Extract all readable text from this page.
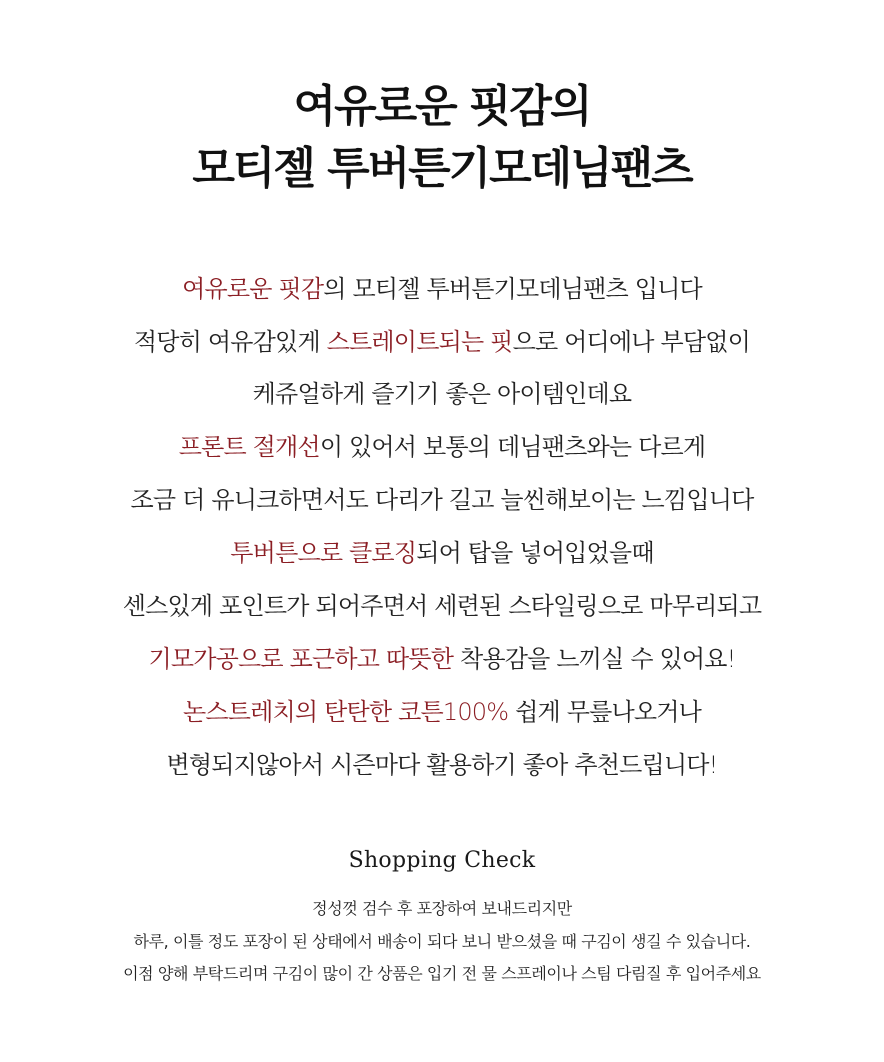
여유로운 핏감의
모티젤 투버튼기모데님팬츠
여유로운 핏감의 모티젤 투버튼기모데님팬츠 입니다
적당히 여유감있게 스트레이트되는 핏으로 어디에나 부담없이
케쥬얼하게 즐기기 좋은 아이템인데요
프론트 절개선이 있어서 보통의 데님팬츠와는 다르게
조금 더 유니크하면서도 다리가 길고 늘씬해보이는 느낌입니다
투버튼으로 클로징되어 탑을 넣어입었을때
센스있게 포인트가 되어주면서 세련된 스타일링으로 마무리되고
기모가공으로 포근하고 따뜻한 착용감을 느끼실 수 있어요!
논스트레치의 탄탄한 코튼100% 쉽게 무릎나오거나
변형되지않아서 시즌마다 활용하기 좋아 추천드립니다!
Shopping Check
정성껏 검수 후 포장하여 보내드리지만
하루, 이틀 정도 포장이 된 상태에서 배송이 되다 보니 받으셨을 때 구김이 생길 수 있습니다.
이점 양해 부탁드리며 구김이 많이 간 상품은 입기 전 물 스프레이나 스팀 다림질 후 입어주세요
